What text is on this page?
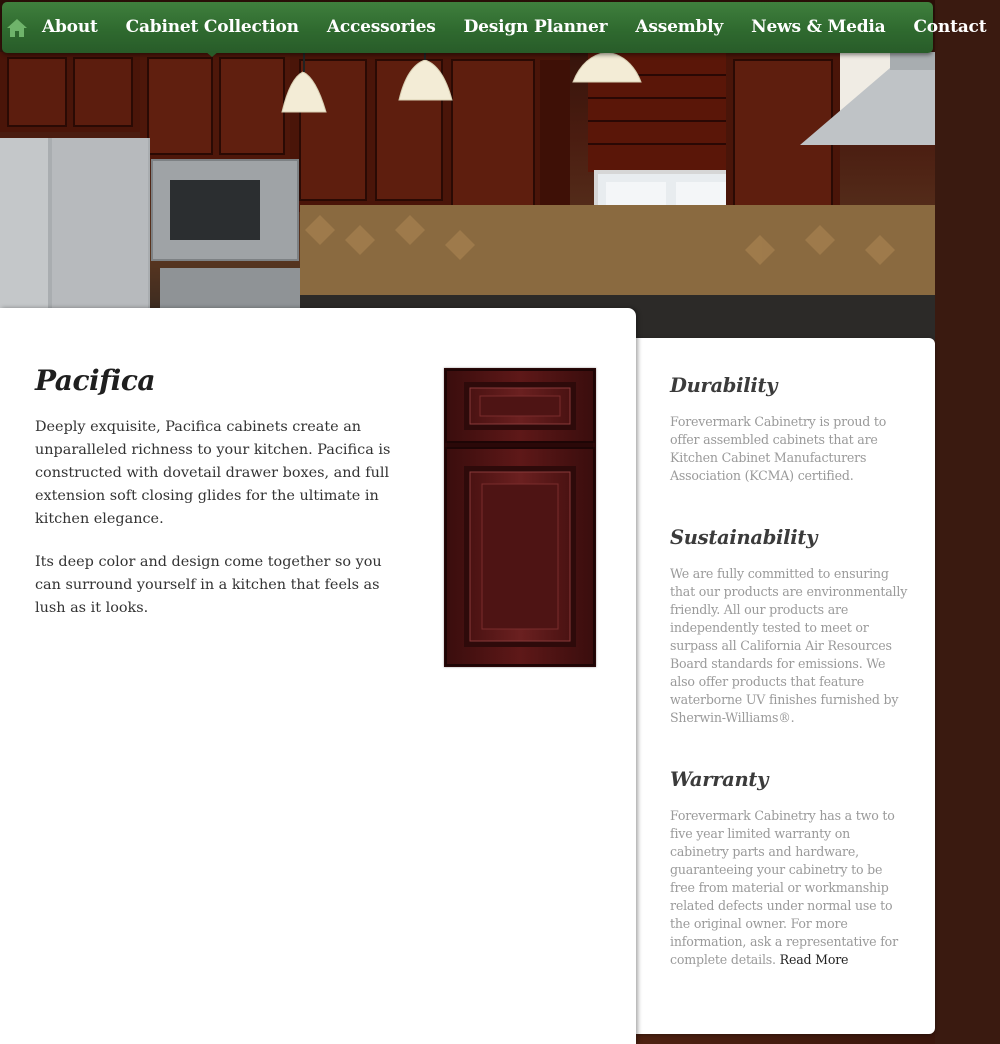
About	Cabinet Collection	Accessories	Design Planner	Assembly	News & Media	Contact
Pacifica

Deeply exquisite, Pacifica cabinets create an unparalleled richness to your kitchen. Pacifica is constructed with dovetail drawer boxes, and full extension soft closing glides for the ultimate in kitchen elegance.

Its deep color and design come together so you can surround yourself in a kitchen that feels as lush as it looks.

Durability

Forevermark Cabinetry is proud to offer assembled cabinets that are Kitchen Cabinet Manufacturers Association (KCMA) certified.

Sustainability

We are fully committed to ensuring that our products are environmentally friendly. All our products are independently tested to meet or surpass all California Air Resources Board standards for emissions. We also offer products that feature waterborne UV finishes furnished by Sherwin-Williams®.

Warranty

Forevermark Cabinetry has a two to five year limited warranty on cabinetry parts and hardware, guaranteeing your cabinetry to be free from material or workmanship related defects under normal use to the original owner. For more information, ask a representative for complete details. Read More
